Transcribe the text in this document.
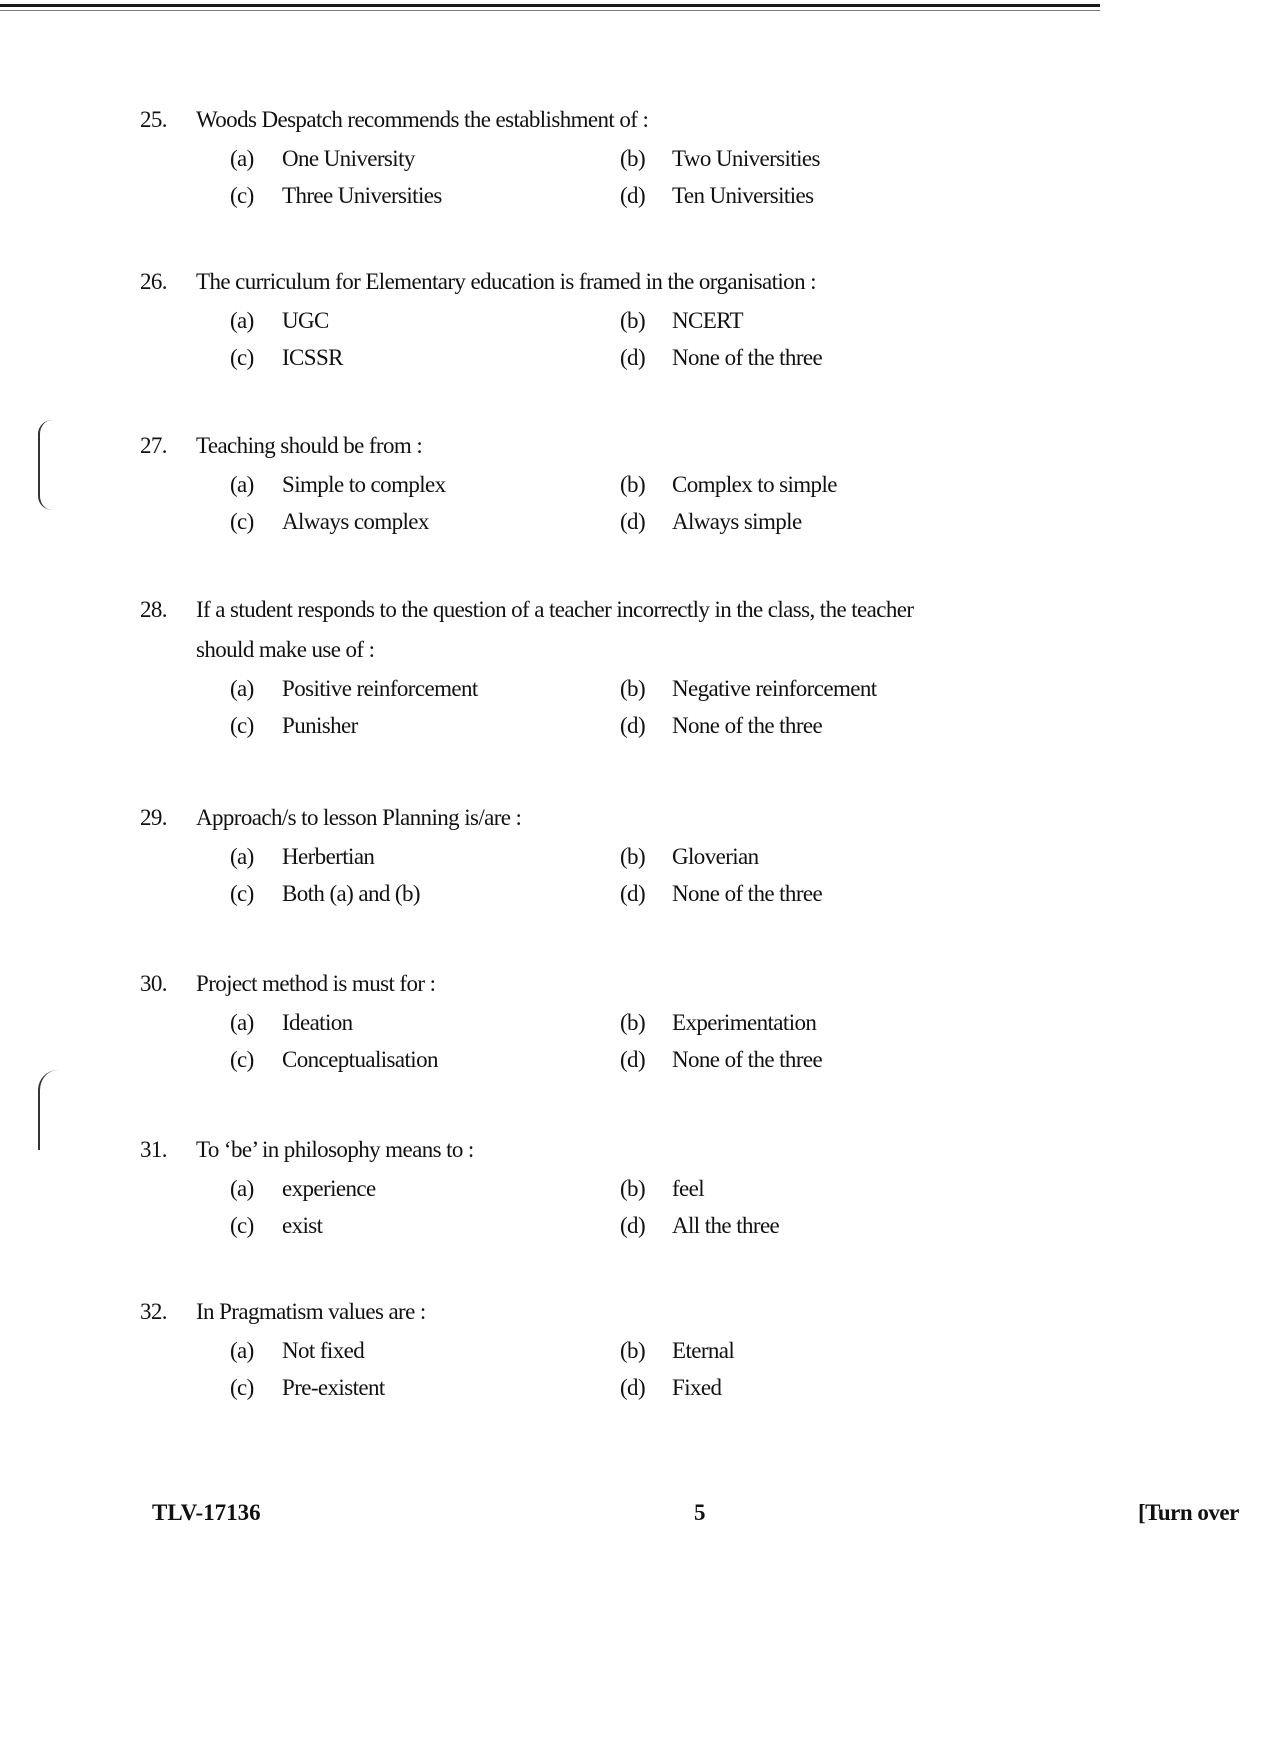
25.	Woods Despatch recommends the establishment of :
(a)	One University	(b)	Two Universities
(c)	Three Universities	(d)	Ten Universities
26.	The curriculum for Elementary education is framed in the organisation :
(a)	UGC	(b)	NCERT
(c)	ICSSR	(d)	None of the three
27.	Teaching should be from :
(a)	Simple to complex	(b)	Complex to simple
(c)	Always complex	(d)	Always simple
28.	If a student responds to the question of a teacher incorrectly in the class, the teacher
should make use of :
(a)	Positive reinforcement	(b)	Negative reinforcement
(c)	Punisher	(d)	None of the three
29.	Approach/s to lesson Planning is/are :
(a)	Herbertian	(b)	Gloverian
(c)	Both (a) and (b)	(d)	None of the three
30.	Project method is must for :
(a)	Ideation	(b)	Experimentation
(c)	Conceptualisation	(d)	None of the three
31.	To ‘be’ in philosophy means to :
(a)	experience	(b)	feel
(c)	exist	(d)	All the three
32.	In Pragmatism values are :
(a)	Not fixed	(b)	Eternal
(c)	Pre-existent	(d)	Fixed
TLV-17136	5	[Turn over
